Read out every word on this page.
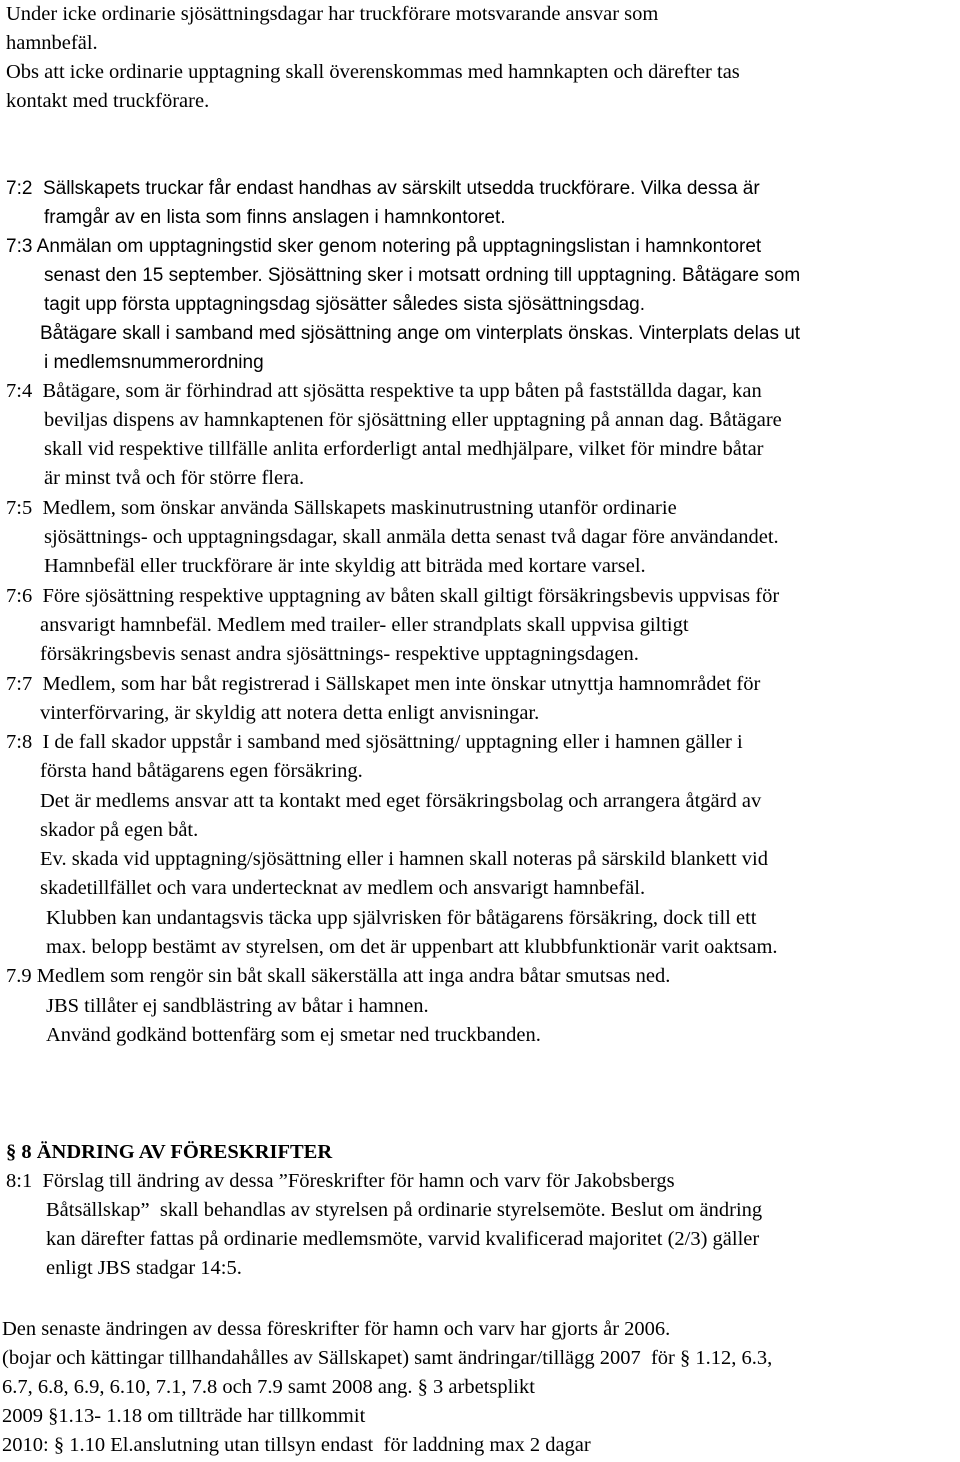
Under icke ordinarie sjösättningsdagar har truckförare motsvarande ansvar som
hamnbefäl.
Obs att icke ordinarie upptagning skall överenskommas med hamnkapten och därefter tas
kontakt med truckförare.
7:2  Sällskapets truckar får endast handhas av särskilt utsedda truckförare. Vilka dessa är
framgår av en lista som finns anslagen i hamnkontoret.
7:3 Anmälan om upptagningstid sker genom notering på upptagningslistan i hamnkontoret
senast den 15 september. Sjösättning sker i motsatt ordning till upptagning. Båtägare som
tagit upp första upptagningsdag sjösätter således sista sjösättningsdag.
Båtägare skall i samband med sjösättning ange om vinterplats önskas. Vinterplats delas ut
i medlemsnummerordning
7:4  Båtägare, som är förhindrad att sjösätta respektive ta upp båten på fastställda dagar, kan
beviljas dispens av hamnkaptenen för sjösättning eller upptagning på annan dag. Båtägare
skall vid respektive tillfälle anlita erforderligt antal medhjälpare, vilket för mindre båtar
är minst två och för större flera.
7:5  Medlem, som önskar använda Sällskapets maskinutrustning utanför ordinarie
sjösättnings- och upptagningsdagar, skall anmäla detta senast två dagar före användandet.
Hamnbefäl eller truckförare är inte skyldig att biträda med kortare varsel.
7:6  Före sjösättning respektive upptagning av båten skall giltigt försäkringsbevis uppvisas för
ansvarigt hamnbefäl. Medlem med trailer- eller strandplats skall uppvisa giltigt
försäkringsbevis senast andra sjösättnings- respektive upptagningsdagen.
7:7  Medlem, som har båt registrerad i Sällskapet men inte önskar utnyttja hamnområdet för
vinterförvaring, är skyldig att notera detta enligt anvisningar.
7:8  I de fall skador uppstår i samband med sjösättning/ upptagning eller i hamnen gäller i
första hand båtägarens egen försäkring.
Det är medlems ansvar att ta kontakt med eget försäkringsbolag och arrangera åtgärd av
skador på egen båt.
Ev. skada vid upptagning/sjösättning eller i hamnen skall noteras på särskild blankett vid
skadetillfället och vara undertecknat av medlem och ansvarigt hamnbefäl.
Klubben kan undantagsvis täcka upp självrisken för båtägarens försäkring, dock till ett
max. belopp bestämt av styrelsen, om det är uppenbart att klubbfunktionär varit oaktsam.
7.9 Medlem som rengör sin båt skall säkerställa att inga andra båtar smutsas ned.
JBS tillåter ej sandblästring av båtar i hamnen.
Använd godkänd bottenfärg som ej smetar ned truckbanden.
§ 8 ÄNDRING AV FÖRESKRIFTER
8:1  Förslag till ändring av dessa ”Föreskrifter för hamn och varv för Jakobsbergs
Båtsällskap”  skall behandlas av styrelsen på ordinarie styrelsemöte. Beslut om ändring
kan därefter fattas på ordinarie medlemsmöte, varvid kvalificerad majoritet (2/3) gäller
enligt JBS stadgar 14:5.
Den senaste ändringen av dessa föreskrifter för hamn och varv har gjorts år 2006.
(bojar och kättingar tillhandahålles av Sällskapet) samt ändringar/tillägg 2007  för § 1.12, 6.3,
6.7, 6.8, 6.9, 6.10, 7.1, 7.8 och 7.9 samt 2008 ang. § 3 arbetsplikt
2009 §1.13- 1.18 om tillträde har tillkommit
2010: § 1.10 El.anslutning utan tillsyn endast  för laddning max 2 dagar
